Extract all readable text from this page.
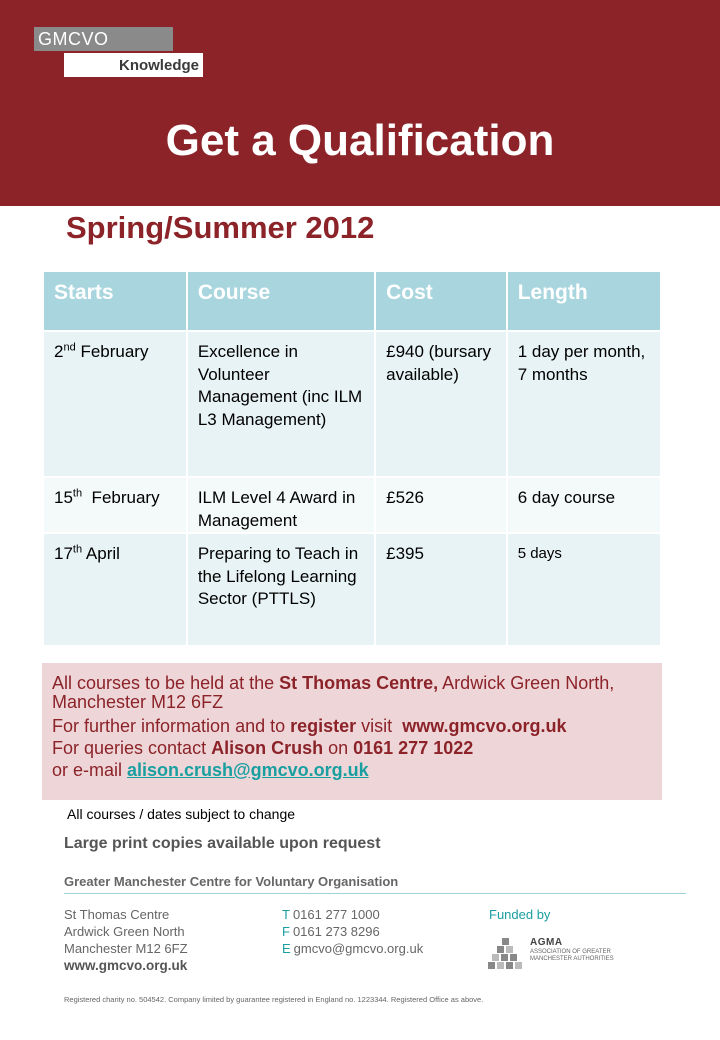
GMCVO
Knowledge
Get a Qualification
Spring/Summer 2012
Starts	Course	Cost	Length
2nd February	Excellence in Volunteer Management (inc ILM L3 Management)	£940 (bursary available)	1 day per month, 7 months
15th  February	ILM Level 4 Award in Management	£526	6 day course
17th April	Preparing to Teach in the Lifelong Learning Sector (PTTLS)	£395	5 days
All courses to be held at the St Thomas Centre, Ardwick Green North, Manchester M12 6FZ
For further information and to register visit  www.gmcvo.org.uk
For queries contact Alison Crush on 0161 277 1022
or e-mail alison.crush@gmcvo.org.uk
All courses / dates subject to change
Large print copies available upon request
Greater Manchester Centre for Voluntary Organisation
St Thomas Centre
Ardwick Green North
Manchester M12 6FZ
www.gmcvo.org.uk
T 0161 277 1000
F 0161 273 8296
E gmcvo@gmcvo.org.uk
Funded by
AGMA
ASSOCIATION OF GREATER MANCHESTER AUTHORITIES
Registered charity no. 504542. Company limited by guarantee registered in England no. 1223344. Registered Office as above.
